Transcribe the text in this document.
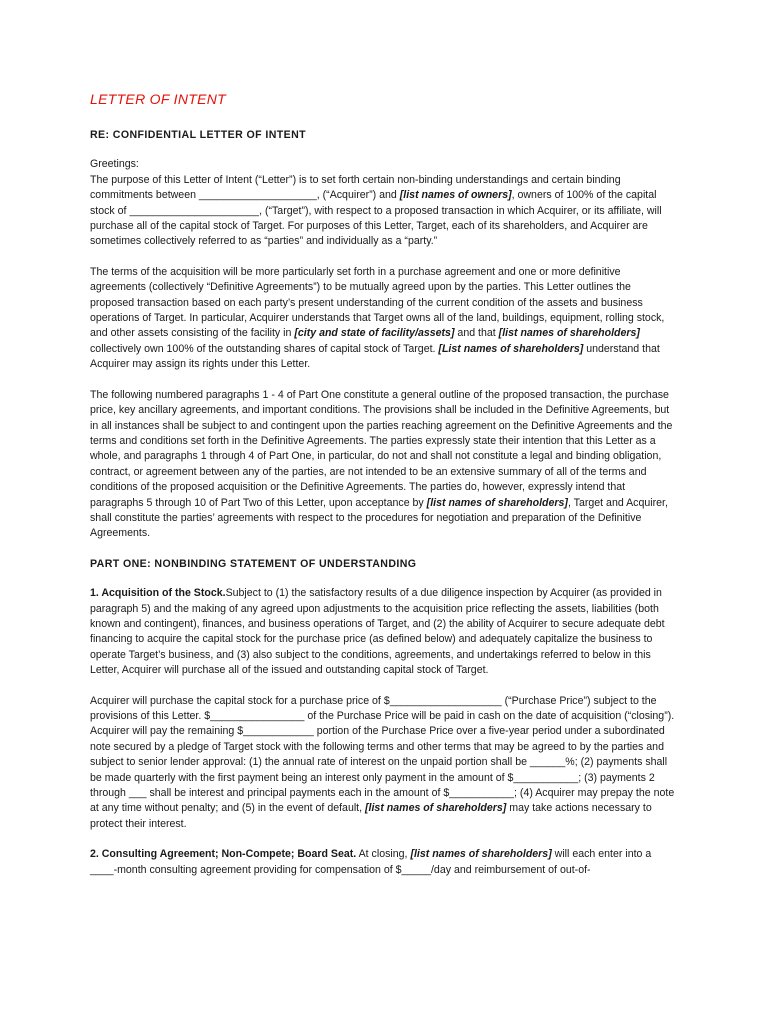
LETTER OF INTENT
RE: CONFIDENTIAL LETTER OF INTENT
Greetings:

The purpose of this Letter of Intent (“Letter”) is to set forth certain non-binding understandings and certain binding commitments between ____________________, (“Acquirer”) and [list names of owners], owners of 100% of the capital stock of ______________________, (“Target”), with respect to a proposed transaction in which Acquirer, or its affiliate, will purchase all of the capital stock of Target. For purposes of this Letter, Target, each of its shareholders, and Acquirer are sometimes collectively referred to as “parties” and individually as a “party.”

The terms of the acquisition will be more particularly set forth in a purchase agreement and one or more definitive agreements (collectively “Definitive Agreements”) to be mutually agreed upon by the parties. This Letter outlines the proposed transaction based on each party’s present understanding of the current condition of the assets and business operations of Target. In particular, Acquirer understands that Target owns all of the land, buildings, equipment, rolling stock, and other assets consisting of the facility in [city and state of facility/assets] and that [list names of shareholders] collectively own 100% of the outstanding shares of capital stock of Target. [List names of shareholders] understand that Acquirer may assign its rights under this Letter.

The following numbered paragraphs 1 - 4 of Part One constitute a general outline of the proposed transaction, the purchase price, key ancillary agreements, and important conditions. The provisions shall be included in the Definitive Agreements, but in all instances shall be subject to and contingent upon the parties reaching agreement on the Definitive Agreements and the terms and conditions set forth in the Definitive Agreements. The parties expressly state their intention that this Letter as a whole, and paragraphs 1 through 4 of Part One, in particular, do not and shall not constitute a legal and binding obligation, contract, or agreement between any of the parties, are not intended to be an extensive summary of all of the terms and conditions of the proposed acquisition or the Definitive Agreements. The parties do, however, expressly intend that paragraphs 5 through 10 of Part Two of this Letter, upon acceptance by [list names of shareholders], Target and Acquirer, shall constitute the parties’ agreements with respect to the procedures for negotiation and preparation of the Definitive Agreements.

PART ONE: NONBINDING STATEMENT OF UNDERSTANDING

1. Acquisition of the Stock.Subject to (1) the satisfactory results of a due diligence inspection by Acquirer (as provided in paragraph 5) and the making of any agreed upon adjustments to the acquisition price reflecting the assets, liabilities (both known and contingent), finances, and business operations of Target, and (2) the ability of Acquirer to secure adequate debt financing to acquire the capital stock for the purchase price (as defined below) and adequately capitalize the business to operate Target’s business, and (3) also subject to the conditions, agreements, and undertakings referred to below in this Letter, Acquirer will purchase all of the issued and outstanding capital stock of Target.

Acquirer will purchase the capital stock for a purchase price of $___________________ (“Purchase Price”) subject to the provisions of this Letter. $________________ of the Purchase Price will be paid in cash on the date of acquisition (“closing”). Acquirer will pay the remaining $____________ portion of the Purchase Price over a five-year period under a subordinated note secured by a pledge of Target stock with the following terms and other terms that may be agreed to by the parties and subject to senior lender approval: (1) the annual rate of interest on the unpaid portion shall be ______%; (2) payments shall be made quarterly with the first payment being an interest only payment in the amount of $___________; (3) payments 2 through ___ shall be interest and principal payments each in the amount of $___________; (4) Acquirer may prepay the note at any time without penalty; and (5) in the event of default, [list names of shareholders] may take actions necessary to protect their interest.

2. Consulting Agreement; Non-Compete; Board Seat. At closing, [list names of shareholders] will each enter into a ____-month consulting agreement providing for compensation of $_____/day and reimbursement of out-of-
